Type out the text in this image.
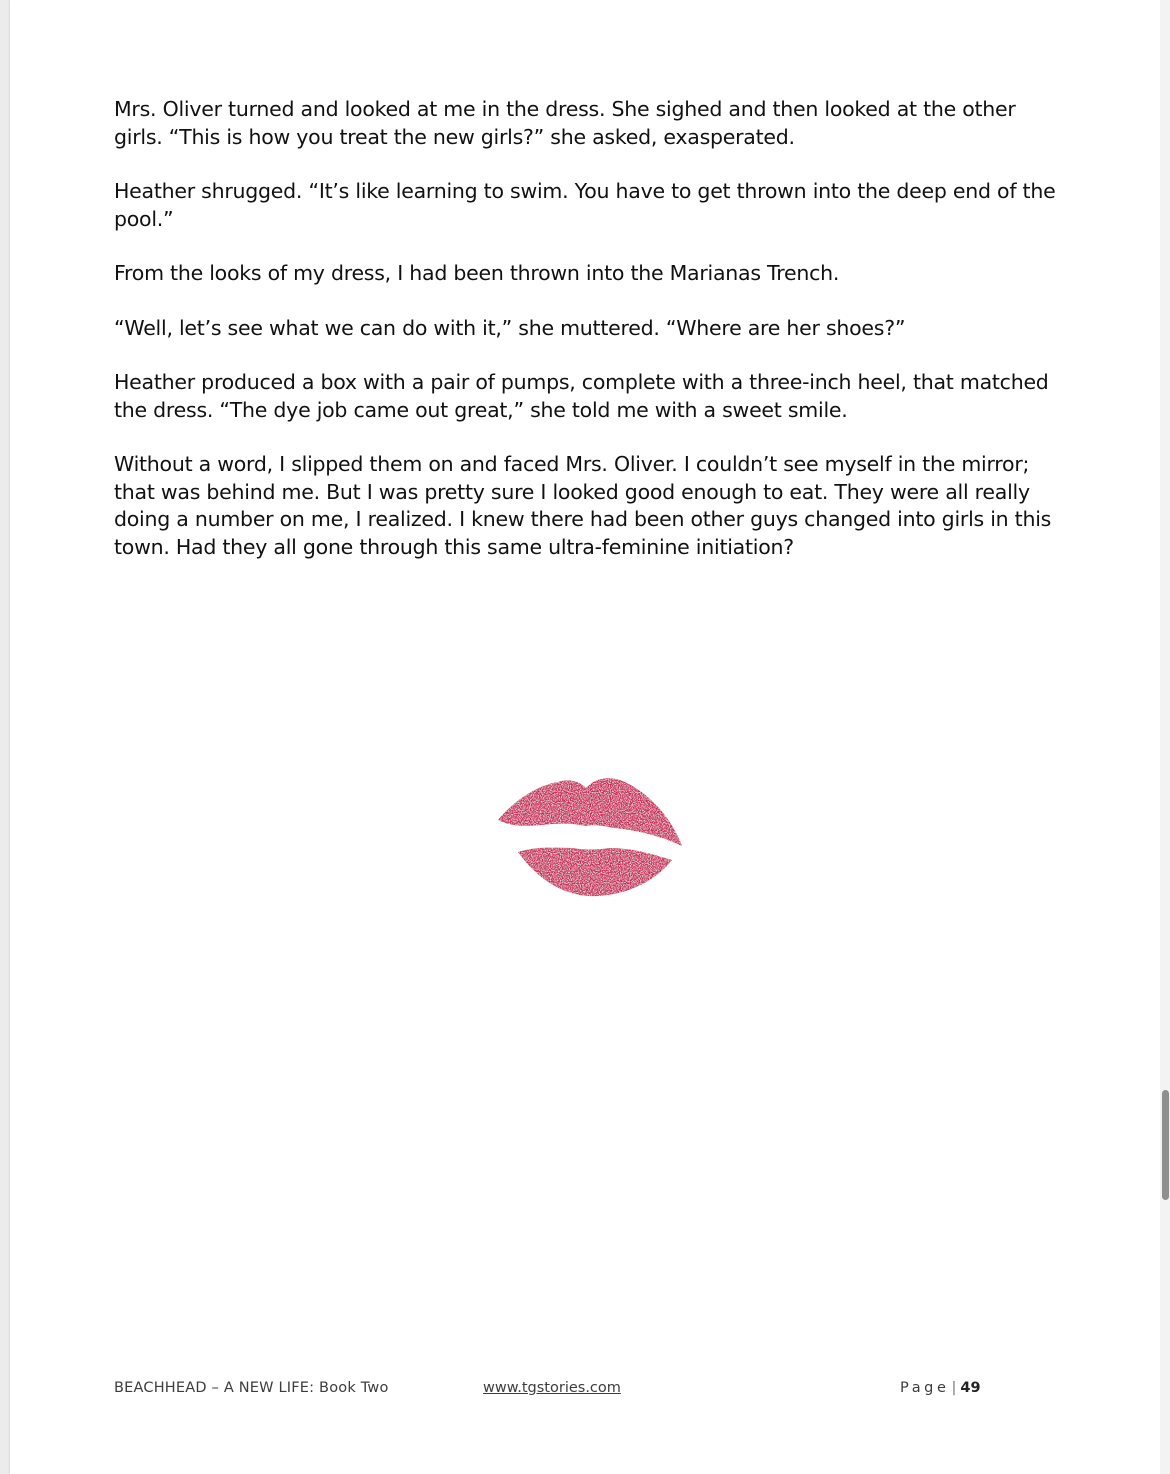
Mrs. Oliver turned and looked at me in the dress. She sighed and then looked at the other girls. “This is how you treat the new girls?” she asked, exasperated.

Heather shrugged. “It’s like learning to swim. You have to get thrown into the deep end of the pool.”

From the looks of my dress, I had been thrown into the Marianas Trench.

“Well, let’s see what we can do with it,” she muttered. “Where are her shoes?”

Heather produced a box with a pair of pumps, complete with a three-inch heel, that matched the dress. “The dye job came out great,” she told me with a sweet smile.

Without a word, I slipped them on and faced Mrs. Oliver. I couldn’t see myself in the mirror; that was behind me. But I was pretty sure I looked good enough to eat. They were all really doing a number on me, I realized. I knew there had been other guys changed into girls in this town. Had they all gone through this same ultra-feminine initiation?

BEACHHEAD – A NEW LIFE: Book Two	www.tgstories.com	Page | 49
